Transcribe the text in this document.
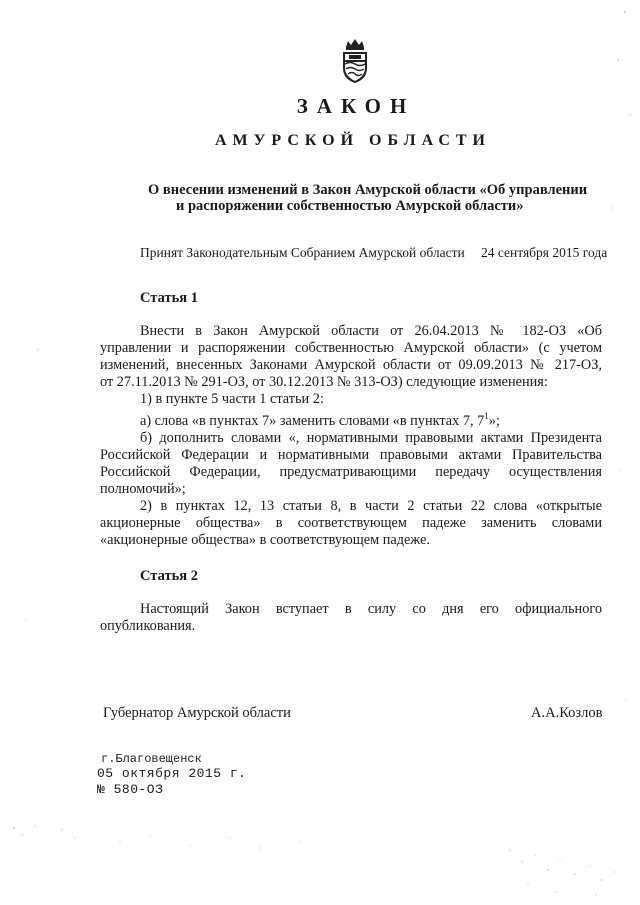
ЗАКОН
АМУРСКОЙ ОБЛАСТИ
О внесении изменений в Закон Амурской области «Об управлении
и распоряжении собственностью Амурской области»
Принят Законодательным Собранием Амурской области 24 сентября 2015 года
Статья 1

Внести в Закон Амурской области от 26.04.2013 № 182-ОЗ «Об

управлении и распоряжении собственностью Амурской области» (с учетом

изменений, внесенных Законами Амурской области от 09.09.2013 № 217-ОЗ,

от 27.11.2013 № 291-ОЗ, от 30.12.2013 № 313-ОЗ) следующие изменения:

1) в пункте 5 части 1 статьи 2:

а) слова «в пунктах 7» заменить словами «в пунктах 7, $7^1$»;

б) дополнить словами «, нормативными правовыми актами Президента

Российской Федерации и нормативными правовыми актами Правительства

Российской Федерации, предусматривающими передачу осуществления

полномочий»;

2) в пунктах 12, 13 статьи 8, в части 2 статьи 22 слова «открытые

акционерные общества» в соответствующем падеже заменить словами

«акционерные общества» в соответствующем падеже.

Статья 2

Настоящий Закон вступает в силу со дня его официального

опубликования.

Губернатор Амурской области	А.А.Козлов
г.Благовещенск
05 октября 2015 г.
№ 580-ОЗ
